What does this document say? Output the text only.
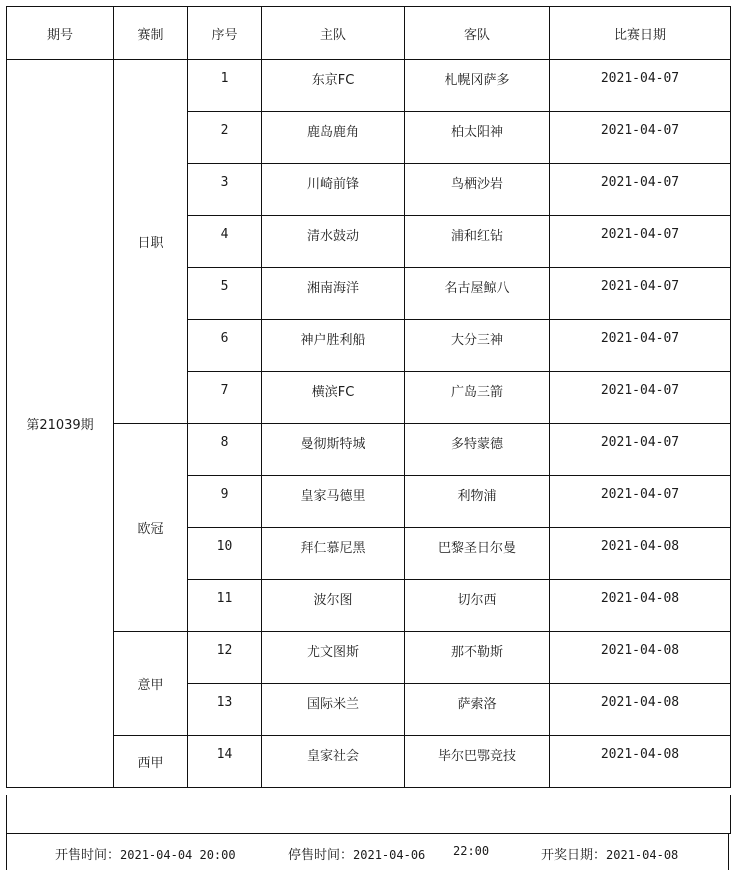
期号	赛制	序号	主队	客队	比赛日期
第21039期	日职	1	东京FC	札幌冈萨多	2021-04-07
		2	鹿岛鹿角	柏太阳神	2021-04-07
		3	川崎前锋	鸟栖沙岩	2021-04-07
		4	清水鼓动	浦和红钻	2021-04-07
		5	湘南海洋	名古屋鲸八	2021-04-07
		6	神户胜利船	大分三神	2021-04-07
		7	横滨FC	广岛三箭	2021-04-07
	欧冠	8	曼彻斯特城	多特蒙德	2021-04-07
		9	皇家马德里	利物浦	2021-04-07
		10	拜仁慕尼黑	巴黎圣日尔曼	2021-04-08
		11	波尔图	切尔西	2021-04-08
	意甲	12	尤文图斯	那不勒斯	2021-04-08
		13	国际米兰	萨索洛	2021-04-08
	西甲	14	皇家社会	毕尔巴鄂竞技	2021-04-08
开售时间：2021-04-04 20:00	停售时间：2021-04-06 22:00	开奖日期：2021-04-08
